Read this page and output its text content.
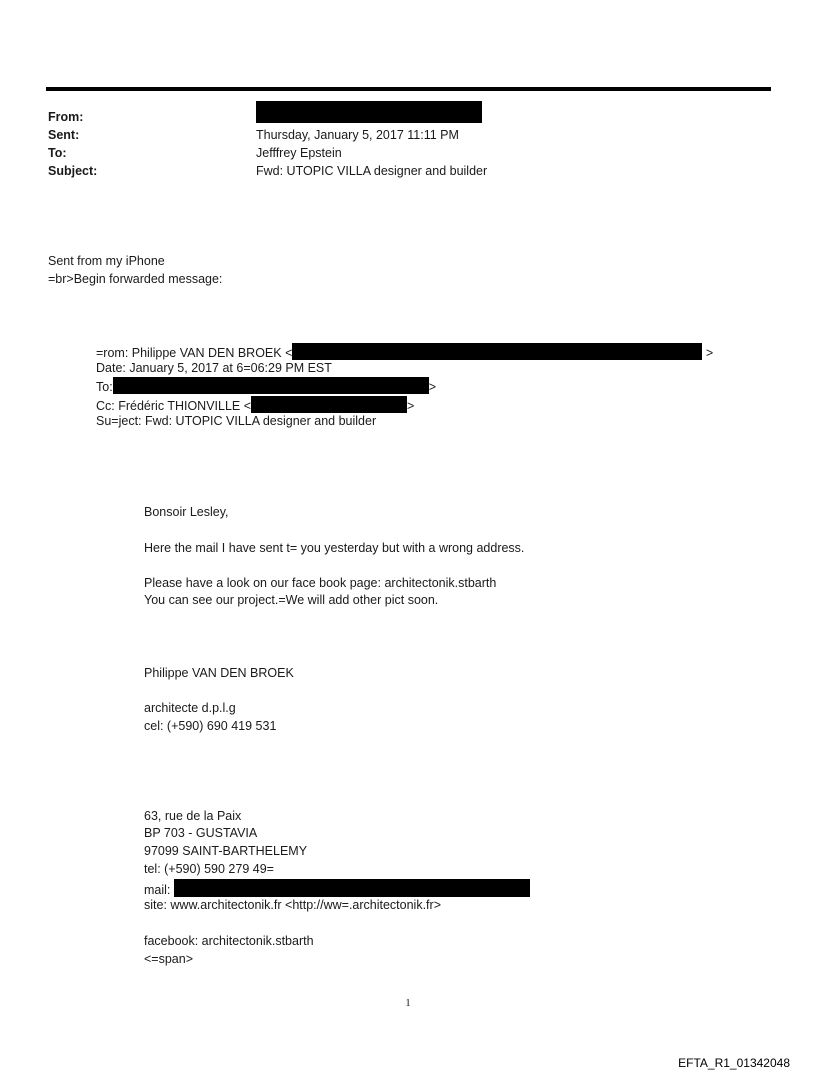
From:
Sent:	Thursday, January 5, 2017 11:11 PM
To:	Jefffrey Epstein
Subject:	Fwd: UTOPIC VILLA designer and builder
Sent from my iPhone
=br>Begin forwarded message:
=rom: Philippe VAN DEN BROEK <	>
Date: January 5, 2017 at 6=06:29 PM EST
To:	>
Cc: Frédéric THIONVILLE <	>
Su=ject: Fwd: UTOPIC VILLA designer and builder
Bonsoir Lesley,
Here the mail I have sent t= you yesterday but with a wrong address.
Please have a look on our face book page: architectonik.stbarth
You can see our project.=We will add other pict soon.
Philippe VAN DEN BROEK
architecte d.p.l.g
cel: (+590) 690 419 531
63, rue de la Paix
BP 703 - GUSTAVIA
97099 SAINT-BARTHELEMY
tel: (+590) 590 279 49=
mail:
site: www.architectonik.fr <http://ww=.architectonik.fr>
facebook: architectonik.stbarth
<=span>
1
EFTA_R1_01342048
